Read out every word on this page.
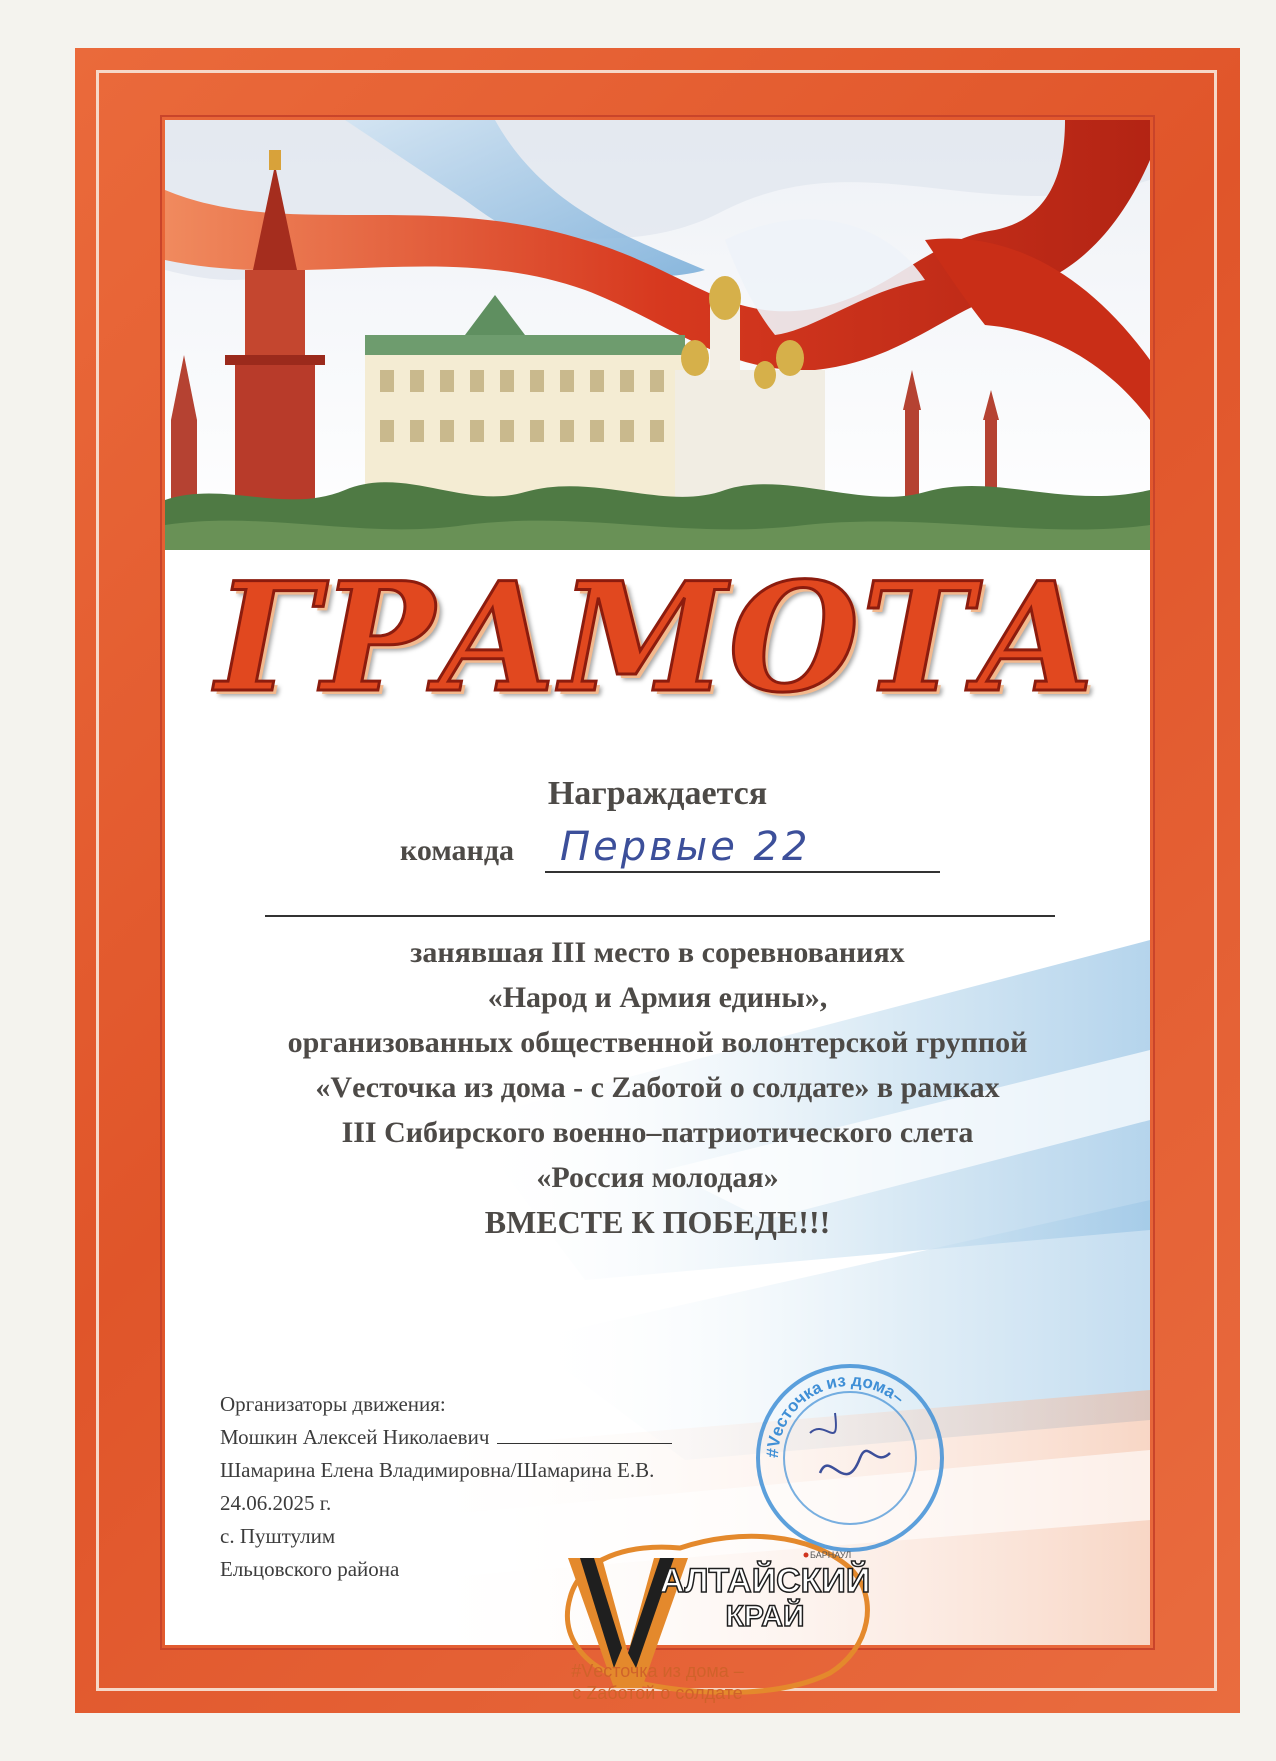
ГРАМОТА
Награждается
команда Первые 22
занявшая III место в соревнованиях
«Народ и Армия едины»,
организованных общественной волонтерской группой
«Vесточка из дома - с Zаботой о солдате» в рамках
III Сибирского военно–патриотического слета
«Россия молодая»
ВМЕСТЕ К ПОБЕДЕ!!!
Организаторы движения:
Мошкин Алексей Николаевич
Шамарина Елена Владимировна/Шамарина Е.В.
24.06.2025 г.
с. Пуштулим
Ельцовского района
#Vесточка из дома–
АЛТАЙСКИЙ
КРАЙ
БАРНАУЛ
#Vесточка из дома –
с Zаботой о солдате
